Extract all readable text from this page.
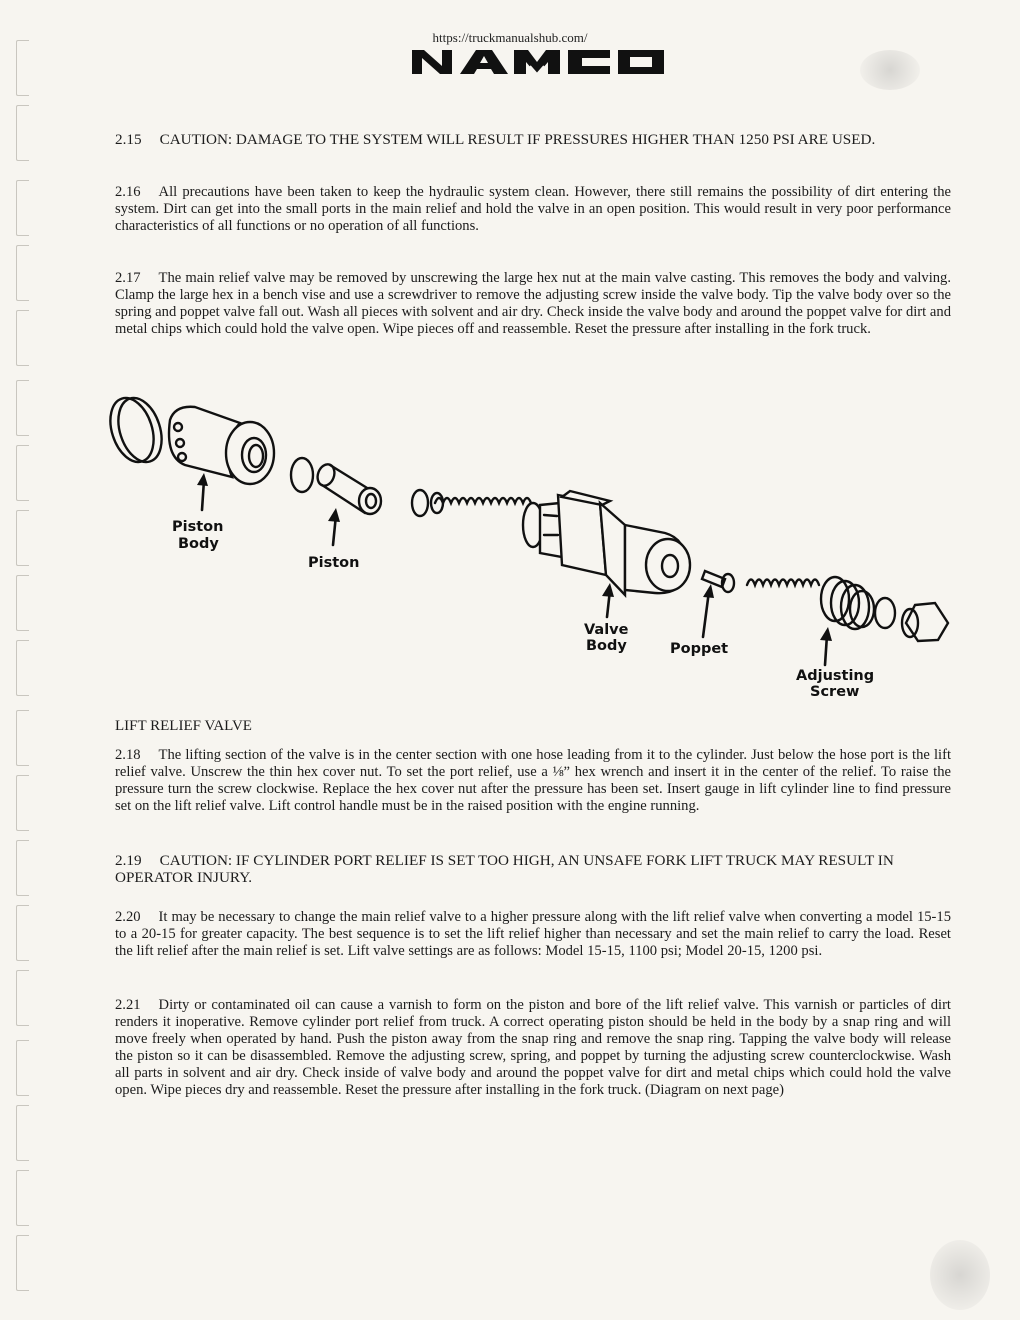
https://truckmanualshub.com/
2.15 CAUTION: DAMAGE TO THE SYSTEM WILL RESULT IF PRESSURES HIGHER THAN 1250 PSI ARE USED.
2.16 All precautions have been taken to keep the hydraulic system clean. However, there still remains the possibility of dirt entering the system. Dirt can get into the small ports in the main relief and hold the valve in an open position. This would result in very poor performance characteristics of all functions or no operation of all functions.
2.17 The main relief valve may be removed by unscrewing the large hex nut at the main valve casting. This removes the body and valving. Clamp the large hex in a bench vise and use a screwdriver to remove the adjusting screw inside the valve body. Tip the valve body over so the spring and poppet valve fall out. Wash all pieces with solvent and air dry. Check inside the valve body and around the poppet valve for dirt and metal chips which could hold the valve open. Wipe pieces off and reassemble. Reset the pressure after installing in the fork truck.
Piston
Body
Piston
Valve
Body	Poppet
Adjusting
Screw
LIFT RELIEF VALVE
2.18 The lifting section of the valve is in the center section with one hose leading from it to the cylinder. Just below the hose port is the lift relief valve. Unscrew the thin hex cover nut. To set the port relief, use a ⅛” hex wrench and insert it in the center of the relief. To raise the pressure turn the screw clockwise. Replace the hex cover nut after the pressure has been set. Insert gauge in lift cylinder line to find pressure set on the lift relief valve. Lift control handle must be in the raised position with the engine running.
2.19 CAUTION: IF CYLINDER PORT RELIEF IS SET TOO HIGH, AN UNSAFE FORK LIFT TRUCK MAY RESULT IN OPERATOR INJURY.
2.20 It may be necessary to change the main relief valve to a higher pressure along with the lift relief valve when converting a model 15-15 to a 20-15 for greater capacity. The best sequence is to set the lift relief higher than necessary and set the main relief to carry the load. Reset the lift relief after the main relief is set. Lift valve settings are as follows: Model 15-15, 1100 psi; Model 20-15, 1200 psi.
2.21 Dirty or contaminated oil can cause a varnish to form on the piston and bore of the lift relief valve. This varnish or particles of dirt renders it inoperative. Remove cylinder port relief from truck. A correct operating piston should be held in the body by a snap ring and will move freely when operated by hand. Push the piston away from the snap ring and remove the snap ring. Tapping the valve body will release the piston so it can be disassembled. Remove the adjusting screw, spring, and poppet by turning the adjusting screw counterclockwise. Wash all parts in solvent and air dry. Check inside of valve body and around the poppet valve for dirt and metal chips which could hold the valve open. Wipe pieces dry and reassemble. Reset the pressure after installing in the fork truck. (Diagram on next page)
